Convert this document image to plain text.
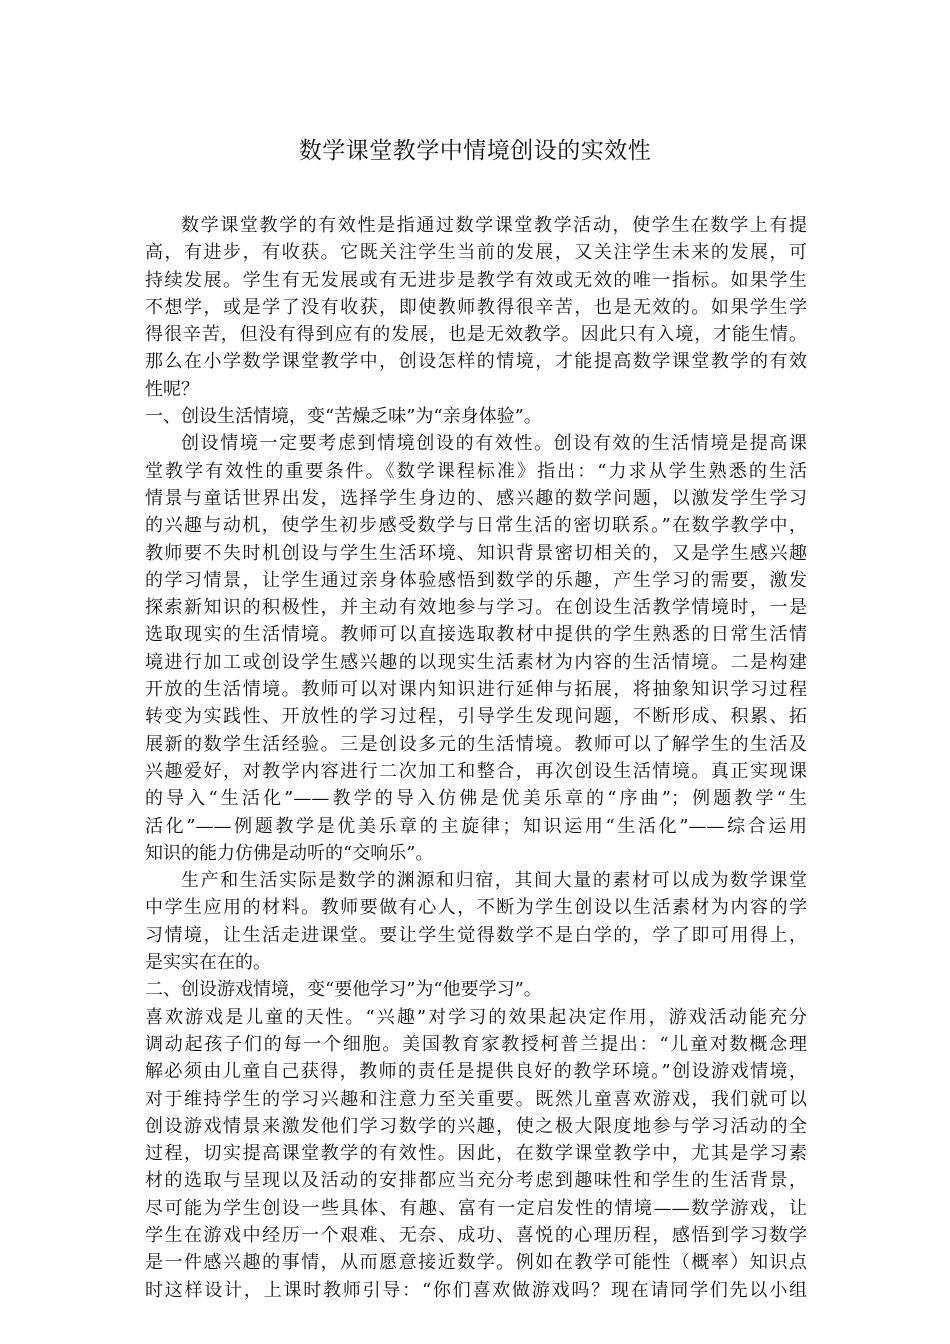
数学课堂教学中情境创设的实效性
数学课堂教学的有效性是指通过数学课堂教学活动，使学生在数学上有提
高，有进步，有收获。它既关注学生当前的发展，又关注学生未来的发展，可
持续发展。学生有无发展或有无进步是教学有效或无效的唯一指标。如果学生
不想学，或是学了没有收获，即使教师教得很辛苦，也是无效的。如果学生学
得很辛苦，但没有得到应有的发展，也是无效教学。因此只有入境，才能生情。
那么在小学数学课堂教学中，创设怎样的情境，才能提高数学课堂教学的有效
性呢？
一、创设生活情境，变“苦燥乏味”为“亲身体验”。
创设情境一定要考虑到情境创设的有效性。创设有效的生活情境是提高课
堂教学有效性的重要条件。《数学课程标准》指出：“力求从学生熟悉的生活
情景与童话世界出发，选择学生身边的、感兴趣的数学问题，以激发学生学习
的兴趣与动机，使学生初步感受数学与日常生活的密切联系。”在数学教学中，
教师要不失时机创设与学生生活环境、知识背景密切相关的，又是学生感兴趣
的学习情景，让学生通过亲身体验感悟到数学的乐趣，产生学习的需要，激发
探索新知识的积极性，并主动有效地参与学习。在创设生活教学情境时，一是
选取现实的生活情境。教师可以直接选取教材中提供的学生熟悉的日常生活情
境进行加工或创设学生感兴趣的以现实生活素材为内容的生活情境。二是构建
开放的生活情境。教师可以对课内知识进行延伸与拓展，将抽象知识学习过程
转变为实践性、开放性的学习过程，引导学生发现问题，不断形成、积累、拓
展新的数学生活经验。三是创设多元的生活情境。教师可以了解学生的生活及
兴趣爱好，对教学内容进行二次加工和整合，再次创设生活情境。真正实现课
的导入“生活化”——教学的导入仿佛是优美乐章的“序曲”；例题教学“生
活化”——例题教学是优美乐章的主旋律；知识运用“生活化”——综合运用
知识的能力仿佛是动听的“交响乐”。
生产和生活实际是数学的渊源和归宿，其间大量的素材可以成为数学课堂
中学生应用的材料。教师要做有心人，不断为学生创设以生活素材为内容的学
习情境，让生活走进课堂。要让学生觉得数学不是白学的，学了即可用得上，
是实实在在的。
二、创设游戏情境，变“要他学习”为“他要学习”。
喜欢游戏是儿童的天性。“兴趣”对学习的效果起决定作用，游戏活动能充分
调动起孩子们的每一个细胞。美国教育家教授柯普兰提出：“儿童对数概念理
解必须由儿童自己获得，教师的责任是提供良好的教学环境。”创设游戏情境，
对于维持学生的学习兴趣和注意力至关重要。既然儿童喜欢游戏，我们就可以
创设游戏情景来激发他们学习数学的兴趣，使之极大限度地参与学习活动的全
过程，切实提高课堂教学的有效性。因此，在数学课堂教学中，尤其是学习素
材的选取与呈现以及活动的安排都应当充分考虑到趣味性和学生的生活背景，
尽可能为学生创设一些具体、有趣、富有一定启发性的情境——数学游戏，让
学生在游戏中经历一个艰难、无奈、成功、喜悦的心理历程，感悟到学习数学
是一件感兴趣的事情，从而愿意接近数学。例如在教学可能性（概率）知识点
时这样设计，上课时教师引导：“你们喜欢做游戏吗？现在请同学们先以小组
